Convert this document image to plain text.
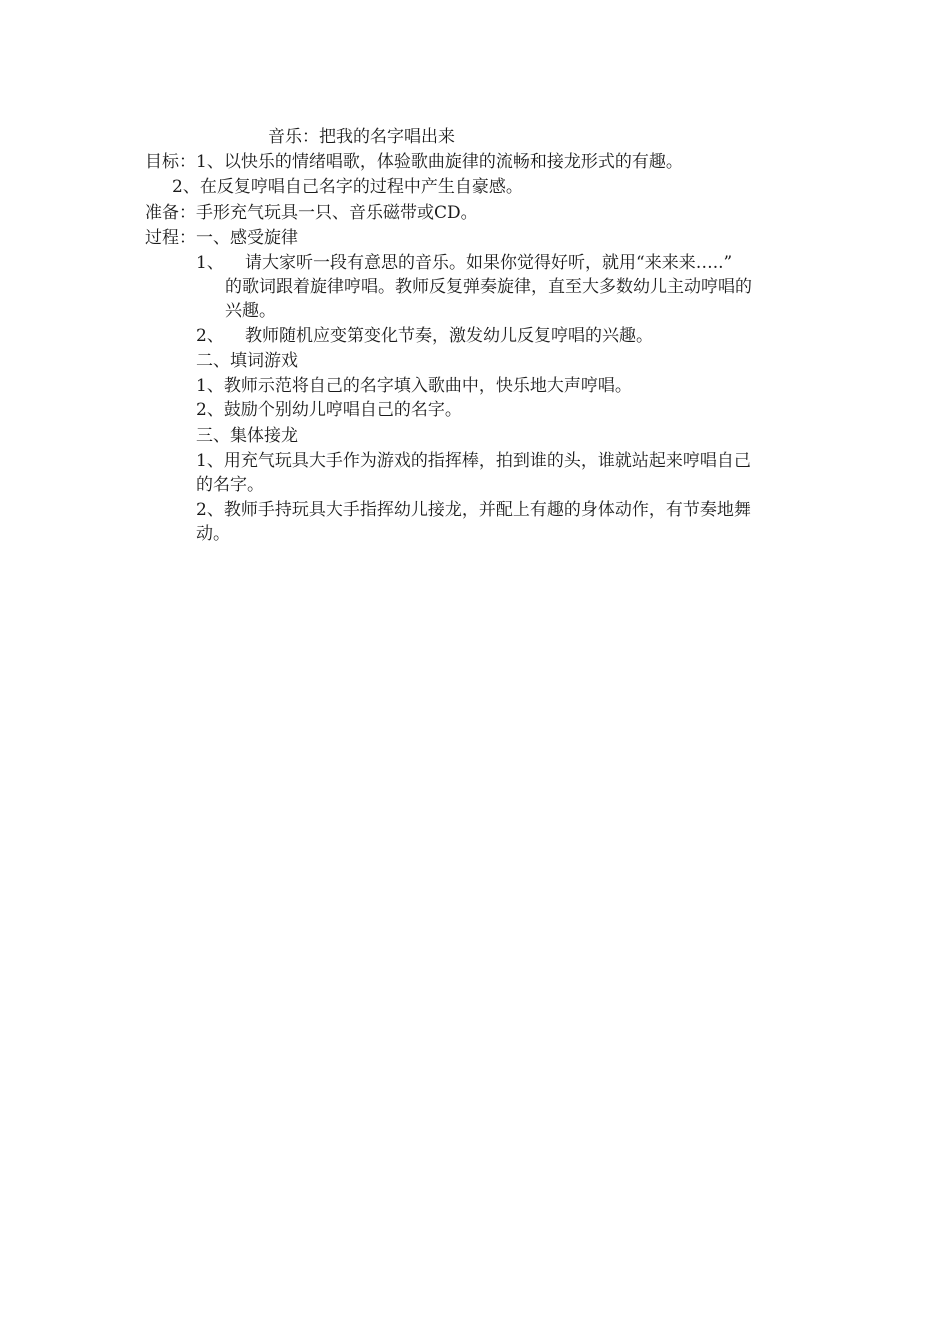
音乐：把我的名字唱出来
目标：1、以快乐的情绪唱歌，体验歌曲旋律的流畅和接龙形式的有趣。
2、在反复哼唱自己名字的过程中产生自豪感。
准备：手形充气玩具一只、音乐磁带或CD。
过程：一、感受旋律
1、 请大家听一段有意思的音乐。如果你觉得好听，就用“来来来…..”
的歌词跟着旋律哼唱。教师反复弹奏旋律，直至大多数幼儿主动哼唱的
兴趣。
2、 教师随机应变第变化节奏，激发幼儿反复哼唱的兴趣。
二、填词游戏
1、教师示范将自己的名字填入歌曲中，快乐地大声哼唱。
2、鼓励个别幼儿哼唱自己的名字。
三、集体接龙
1、用充气玩具大手作为游戏的指挥棒，拍到谁的头，谁就站起来哼唱自己
的名字。
2、教师手持玩具大手指挥幼儿接龙，并配上有趣的身体动作，有节奏地舞
动。
